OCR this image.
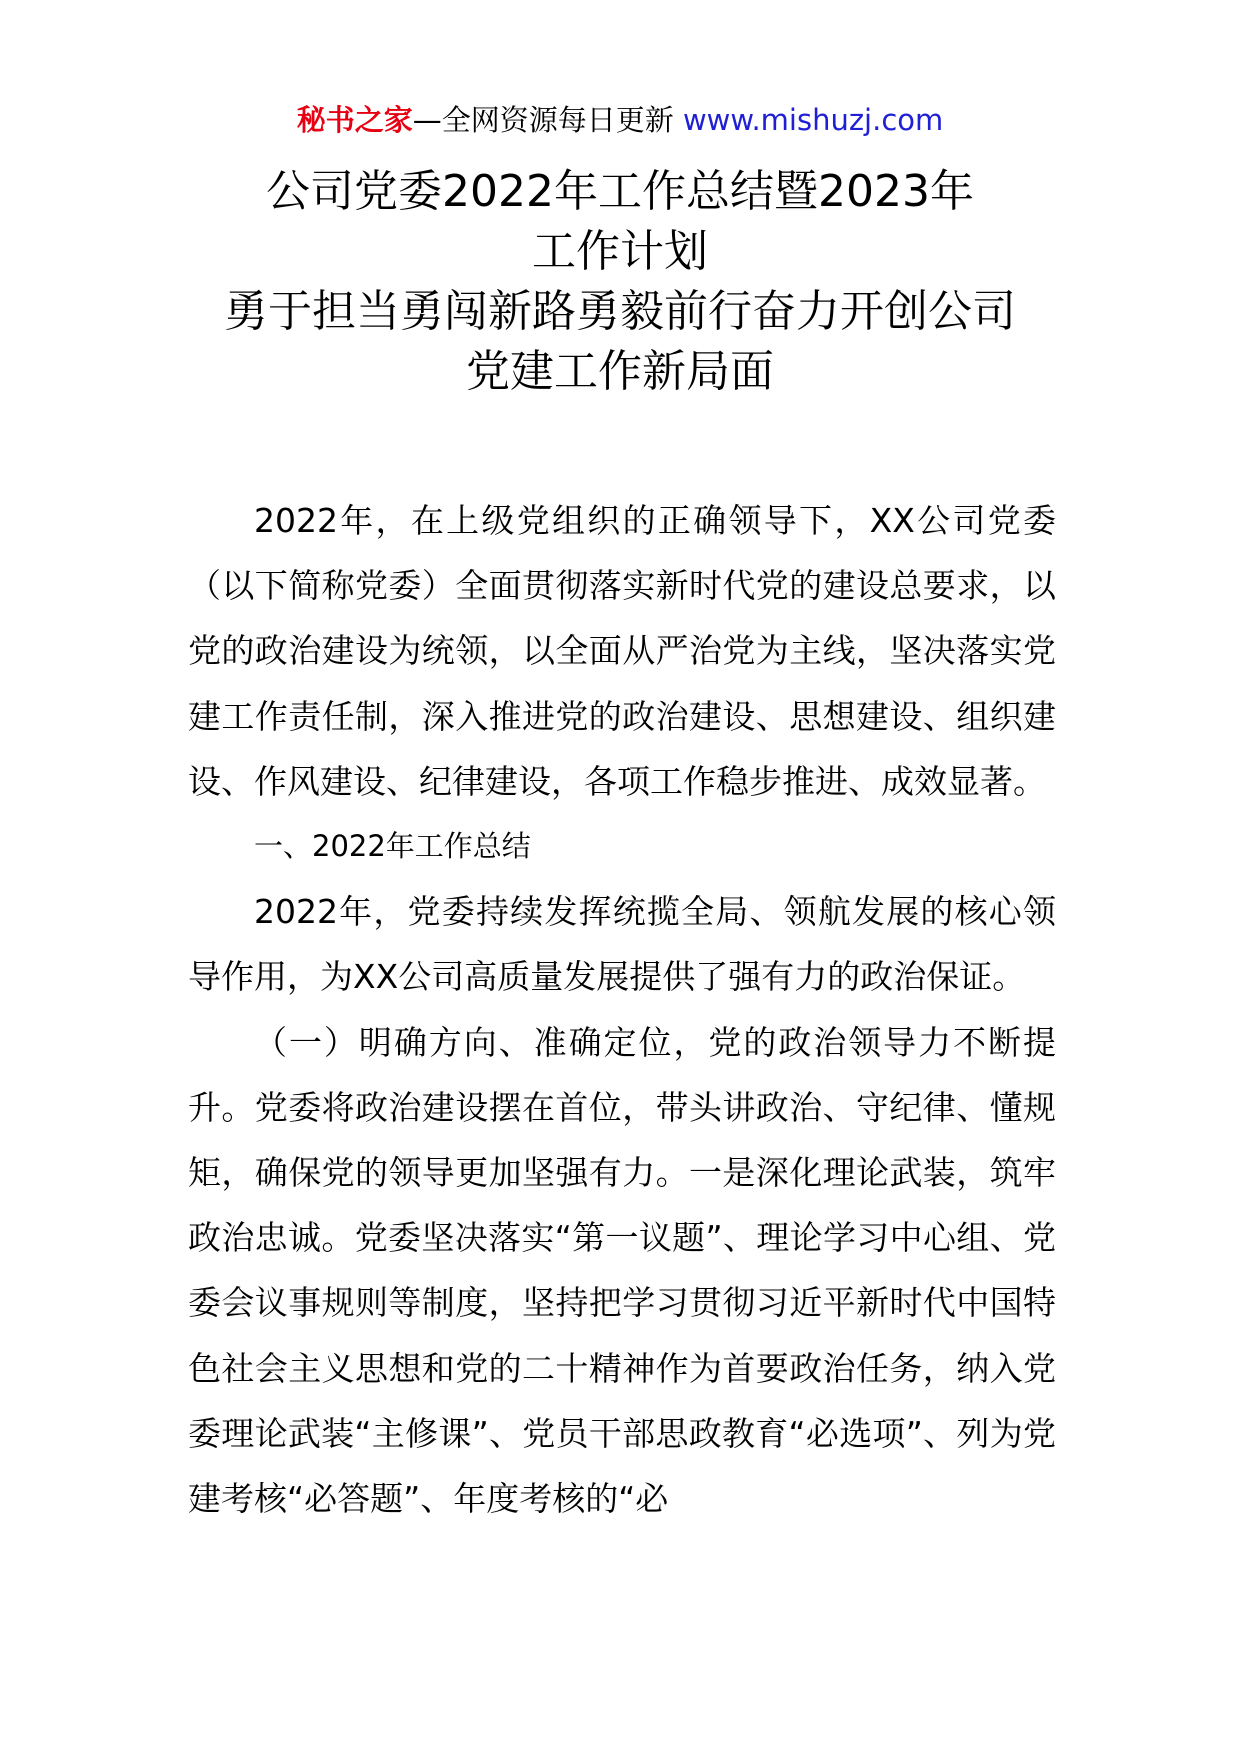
秘书之家—全网资源每日更新 www.mishuzj.com
公司党委2022年工作总结暨2023年
工作计划
勇于担当勇闯新路勇毅前行奋力开创公司
党建工作新局面

2022年，在上级党组织的正确领导下，XX公司党委（以下简称党委）全面贯彻落实新时代党的建设总要求，以党的政治建设为统领，以全面从严治党为主线，坚决落实党建工作责任制，深入推进党的政治建设、思想建设、组织建设、作风建设、纪律建设，各项工作稳步推进、成效显著。

一、2022年工作总结

2022年，党委持续发挥统揽全局、领航发展的核心领导作用，为XX公司高质量发展提供了强有力的政治保证。

（一）明确方向、准确定位，党的政治领导力不断提升。党委将政治建设摆在首位，带头讲政治、守纪律、懂规矩，确保党的领导更加坚强有力。一是深化理论武装，筑牢政治忠诚。党委坚决落实“第一议题”、理论学习中心组、党委会议事规则等制度，坚持把学习贯彻习近平新时代中国特色社会主义思想和党的二十精神作为首要政治任务，纳入党委理论武装“主修课”、党员干部思政教育“必选项”、列为党建考核“必答题”、年度考核的“必
